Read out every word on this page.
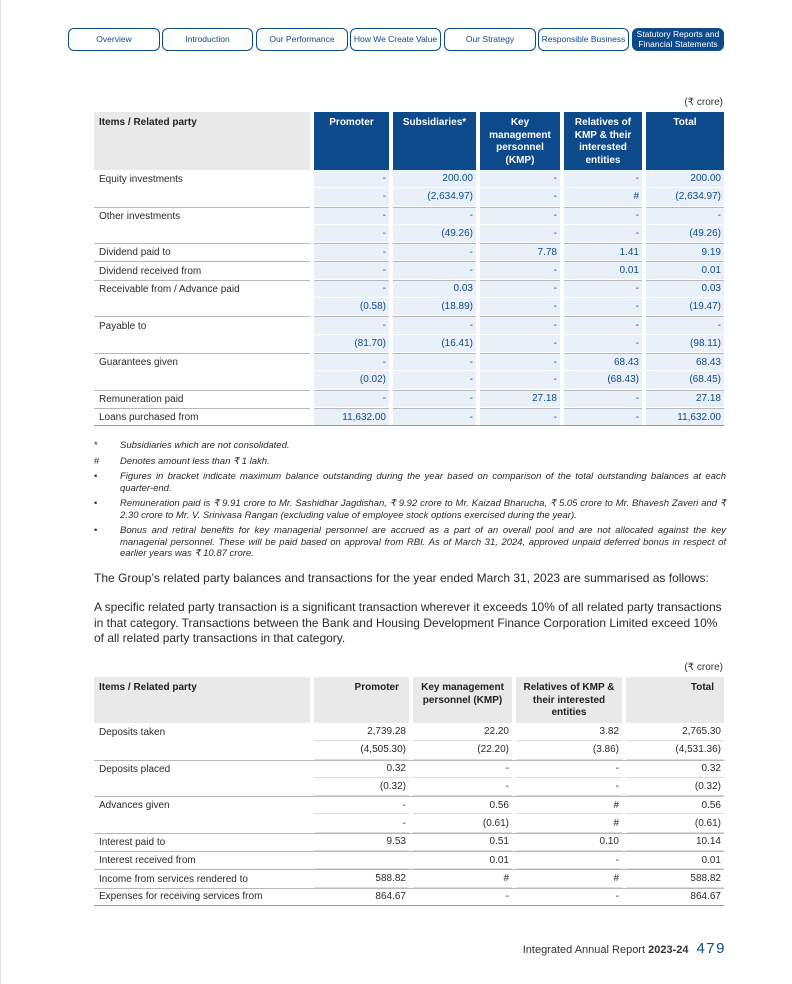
Overview	Introduction	Our Performance	How We Create Value	Our Strategy	Responsible Business	Statutory Reports and Financial Statements
(₹ crore)
Items / Related party		Promoter		Subsidiaries*		Key management personnel (KMP)		Relatives of KMP & their interested entities		Total
Equity investments		-		200.00		-		-		200.00
		-		(2,634.97)		-		#		(2,634.97)
Other investments		-		-		-		-		-
		-		(49.26)		-		-		(49.26)
Dividend paid to		-		-		7.78		1.41		9.19
Dividend received from		-		-		-		0.01		0.01
Receivable from / Advance paid		-		0.03		-		-		0.03
		(0.58)		(18.89)		-		-		(19.47)
Payable to		-		-		-		-		-
		(81.70)		(16.41)		-		-		(98.11)
Guarantees given		-		-		-		68.43		68.43
		(0.02)		-		-		(68.43)		(68.45)
Remuneration paid		-		-		27.18		-		27.18
Loans purchased from		11,632.00		-		-		-		11,632.00
*	Subsidiaries which are not consolidated.
#	Denotes amount less than ₹ 1 lakh.
•	Figures in bracket indicate maximum balance outstanding during the year based on comparison of the total outstanding balances at each quarter-end.
•	Remuneration paid is ₹ 9.91 crore to Mr. Sashidhar Jagdishan, ₹ 9.92 crore to Mr. Kaizad Bharucha, ₹ 5.05 crore to Mr. Bhavesh Zaveri and ₹ 2.30 crore to Mr. V. Srinivasa Rangan (excluding value of employee stock options exercised during the year).
•	Bonus and retiral benefits for key managerial personnel are accrued as a part of an overall pool and are not allocated against the key managerial personnel. These will be paid based on approval from RBI. As of March 31, 2024, approved unpaid deferred bonus in respect of earlier years was ₹ 10.87 crore.
The Group’s related party balances and transactions for the year ended March 31, 2023 are summarised as follows:
A specific related party transaction is a significant transaction wherever it exceeds 10% of all related party transactions in that category. Transactions between the Bank and Housing Development Finance Corporation Limited exceed 10% of all related party transactions in that category.
(₹ crore)
Items / Related party		Promoter		Key management personnel (KMP)		Relatives of KMP & their interested entities		Total
Deposits taken		2,739.28		22.20		3.82		2,765.30
		(4,505.30)		(22.20)		(3.86)		(4,531.36)
Deposits placed		0.32		-		-		0.32
		(0.32)		-		-		(0.32)
Advances given		-		0.56		#		0.56
		-		(0.61)		#		(0.61)
Interest paid to		9.53		0.51		0.10		10.14
Interest received from				0.01		-		0.01
Income from services rendered to		588.82		#		#		588.82
Expenses for receiving services from		864.67		-		-		864.67
Integrated Annual Report 2023-24 479
